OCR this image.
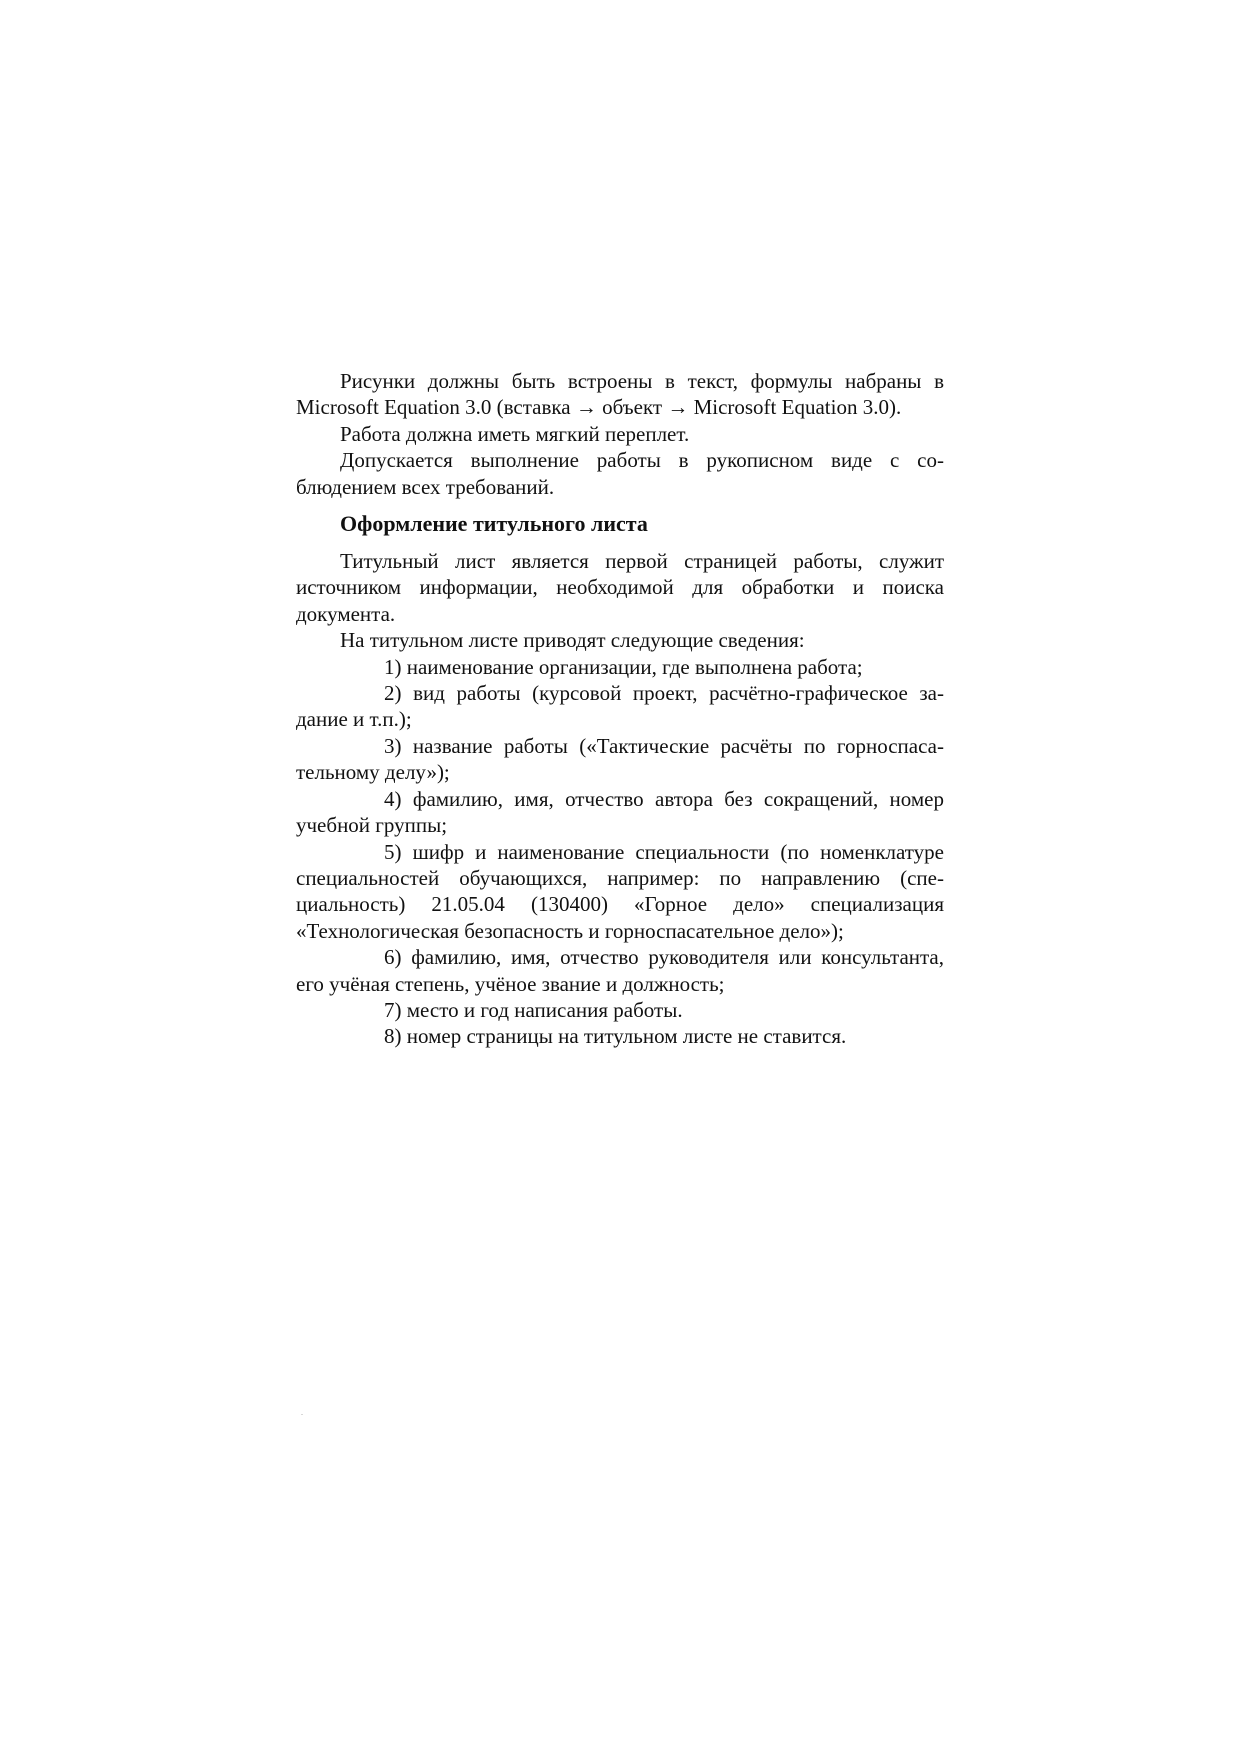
Рисунки должны быть встроены в текст, формулы набраны в Microsoft Equation 3.0 (вставка → объект → Microsoft Equation 3.0).

Работа должна иметь мягкий переплет.

Допускается выполнение работы в рукописном виде с соблюдением всех требований.

Оформление титульного листа

Титульный лист является первой страницей работы, служит источником информации, необходимой для обработки и поиска документа.

На титульном листе приводят следующие сведения:

1) наименование организации, где выполнена работа;

2) вид работы (курсовой проект, расчётно-графическое задание и т.п.);

3) название работы («Тактические расчёты по горноспасательному делу»);

4) фамилию, имя, отчество автора без сокращений, номер учебной группы;

5) шифр и наименование специальности (по номенклатуре специальностей обучающихся, например: по направлению (специальность) 21.05.04 (130400) «Горное дело» специализация «Технологическая безопасность и горноспасательное дело»);

6) фамилию, имя, отчество руководителя или консультанта, его учёная степень, учёное звание и должность;

7) место и год написания работы.

8) номер страницы на титульном листе не ставится.
